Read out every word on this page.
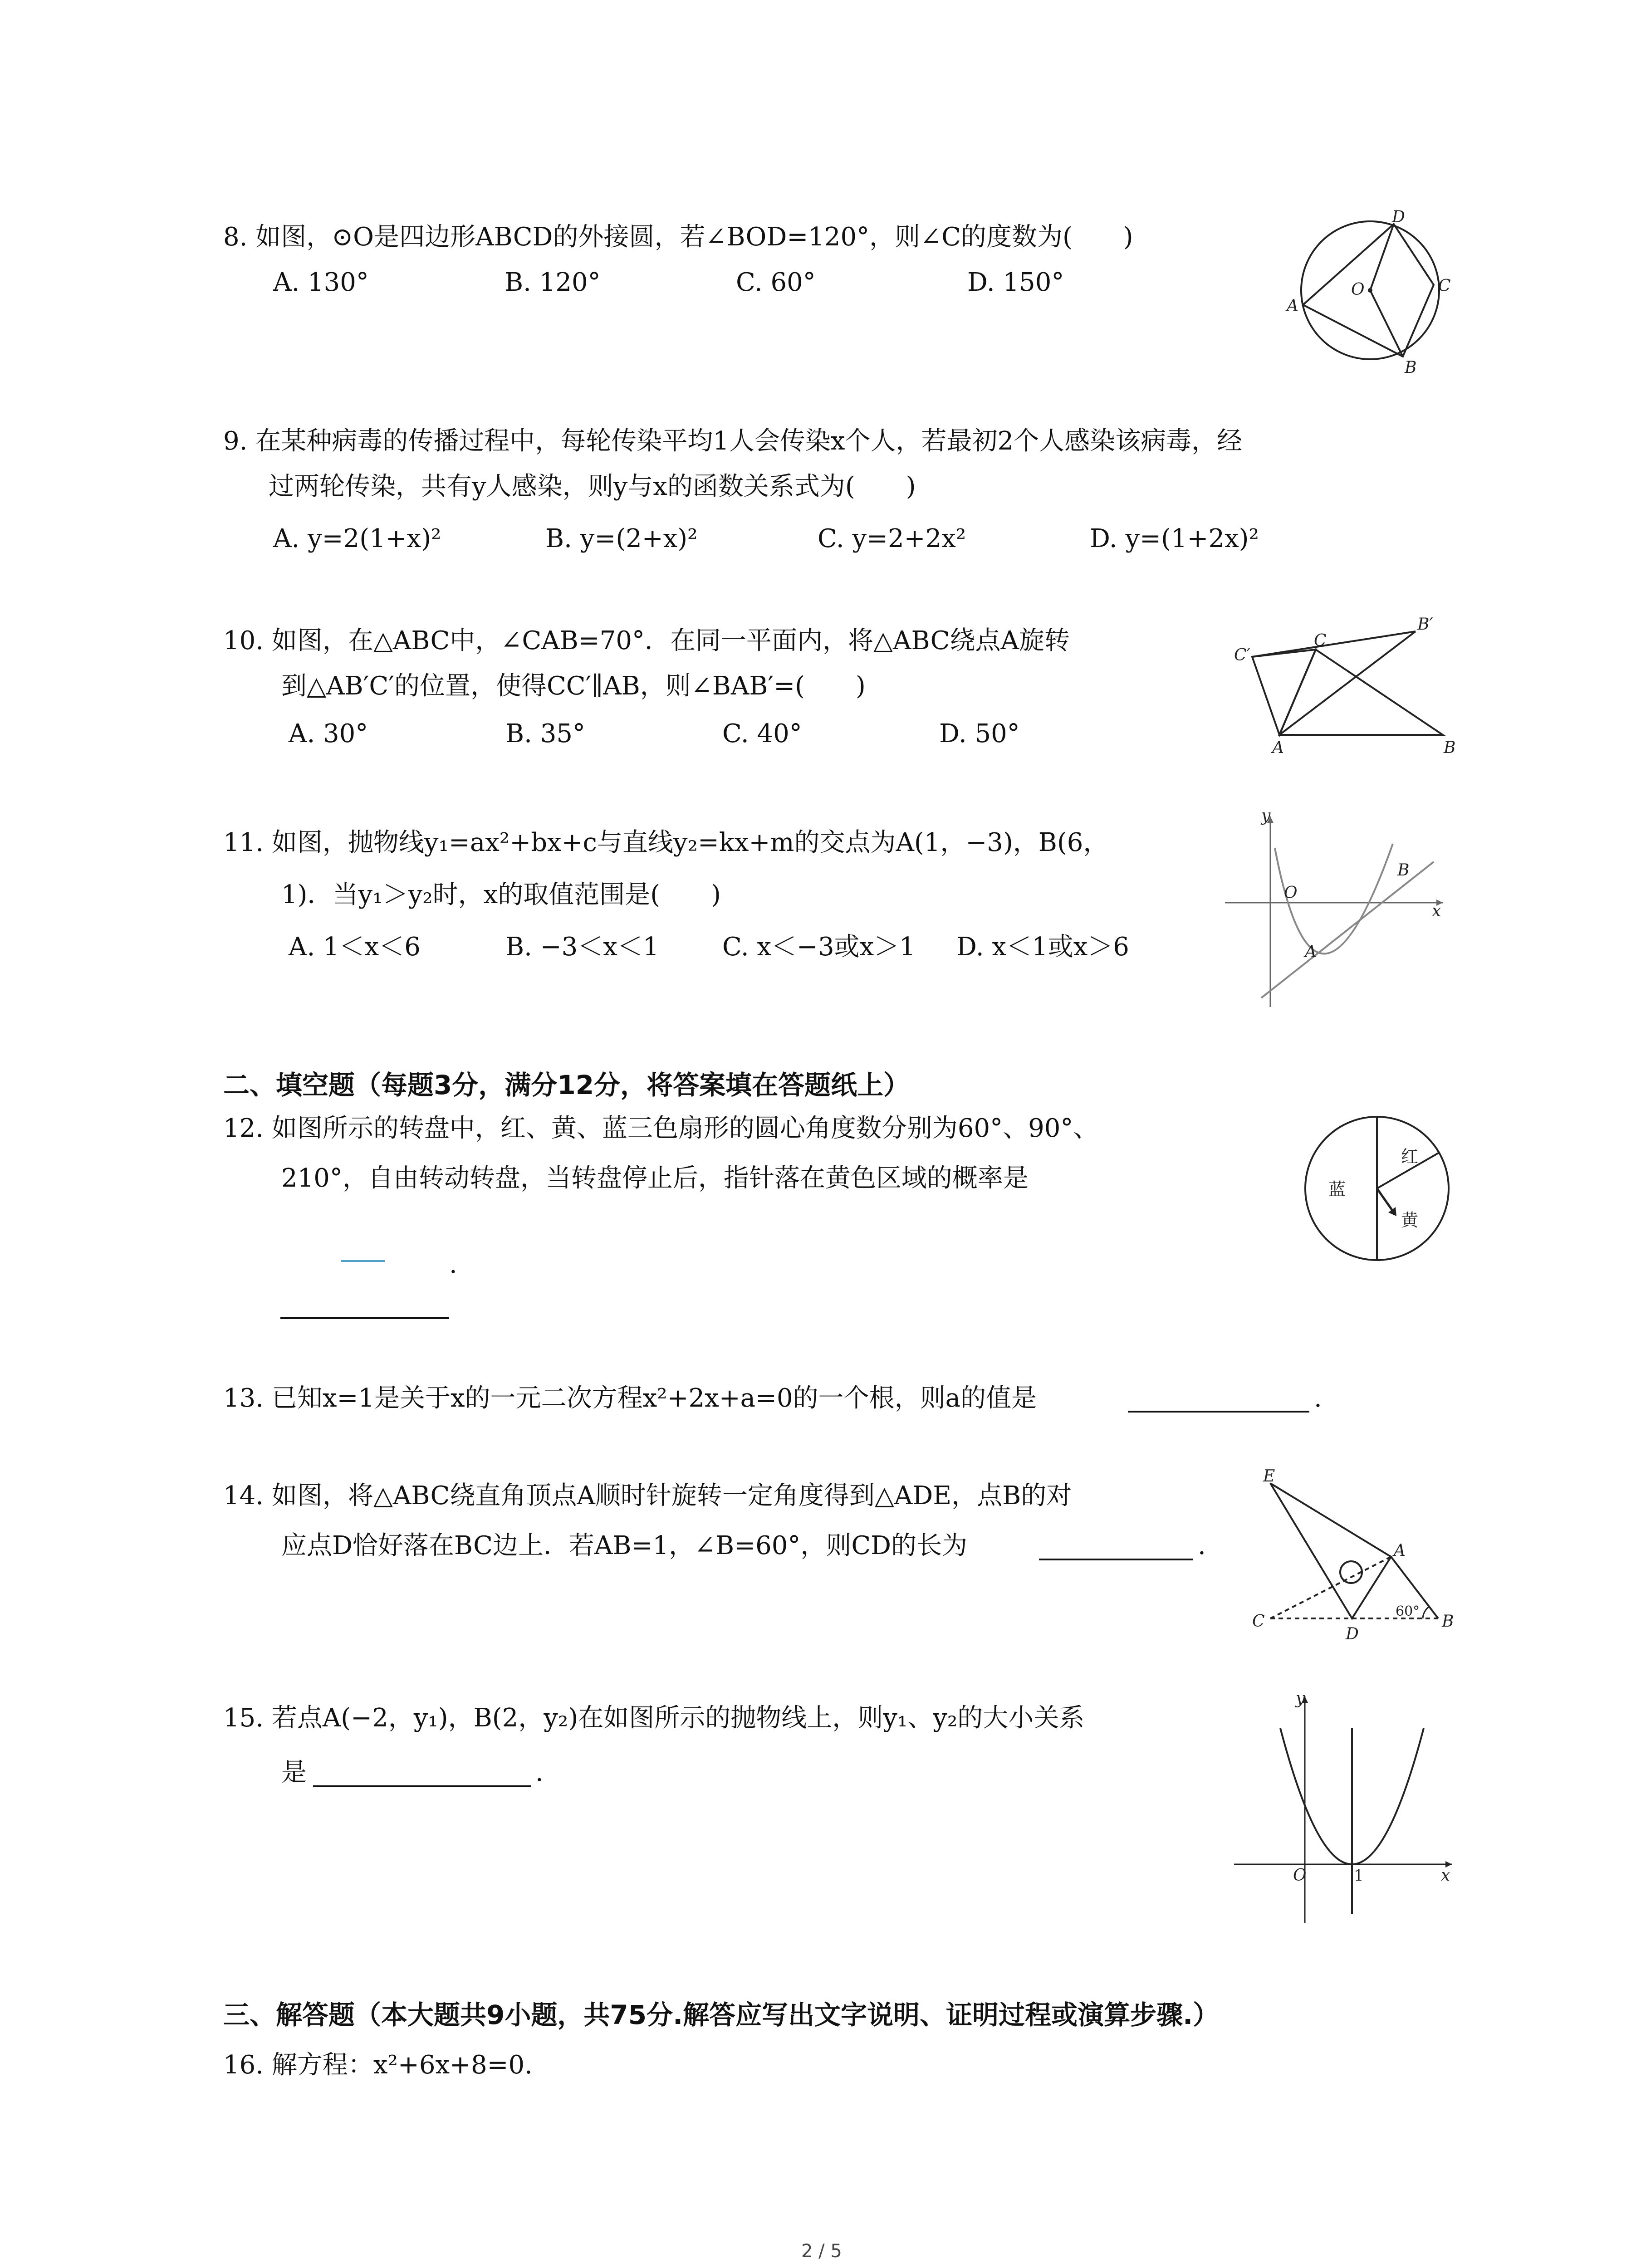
8. 如图，⊙O是四边形ABCD的外接圆，若∠BOD=120°，则∠C的度数为(　　)
A. 130°	B. 120°	C. 60°	D. 150°
D
C
O
A
B
9. 在某种病毒的传播过程中，每轮传染平均1人会传染x个人，若最初2个人感染该病毒，经
过两轮传染，共有y人感染，则y与x的函数关系式为(　　)
A. y=2(1+x)²	B. y=(2+x)²	C. y=2+2x²	D. y=(1+2x)²
10. 如图，在△ABC中，∠CAB=70°．在同一平面内，将△ABC绕点A旋转
到△AB′C′的位置，使得CC′∥AB，则∠BAB′=(　　)
A. 30°	B. 35°	C. 40°	D. 50°
C′
C
B′
A	B
11. 如图，抛物线y₁=ax²+bx+c与直线y₂=kx+m的交点为A(1，−3)，B(6，
1)．当y₁＞y₂时，x的取值范围是(　　)
A. 1＜x＜6	B. −3＜x＜1 C. x＜−3或x＞1 D. x＜1或x＞6
y
O
x
A
B
二、填空题（每题3分，满分12分，将答案填在答题纸上）
12. 如图所示的转盘中，红、黄、蓝三色扇形的圆心角度数分别为60°、90°、
210°，自由转动转盘，当转盘停止后，指针落在黄色区域的概率是
.
蓝
红
黄
13. 已知x=1是关于x的一元二次方程x²+2x+a=0的一个根，则a的值是	.
14. 如图，将△ABC绕直角顶点A顺时针旋转一定角度得到△ADE，点B的对
应点D恰好落在BC边上．若AB=1，∠B=60°，则CD的长为	.
E
A
C
D
B
60°
15. 若点A(−2，y₁)，B(2，y₂)在如图所示的抛物线上，则y₁、y₂的大小关系
是	.
y
O	1	x
三、解答题（本大题共9小题，共75分.解答应写出文字说明、证明过程或演算步骤.）
16. 解方程：x²+6x+8=0.
2 / 5
